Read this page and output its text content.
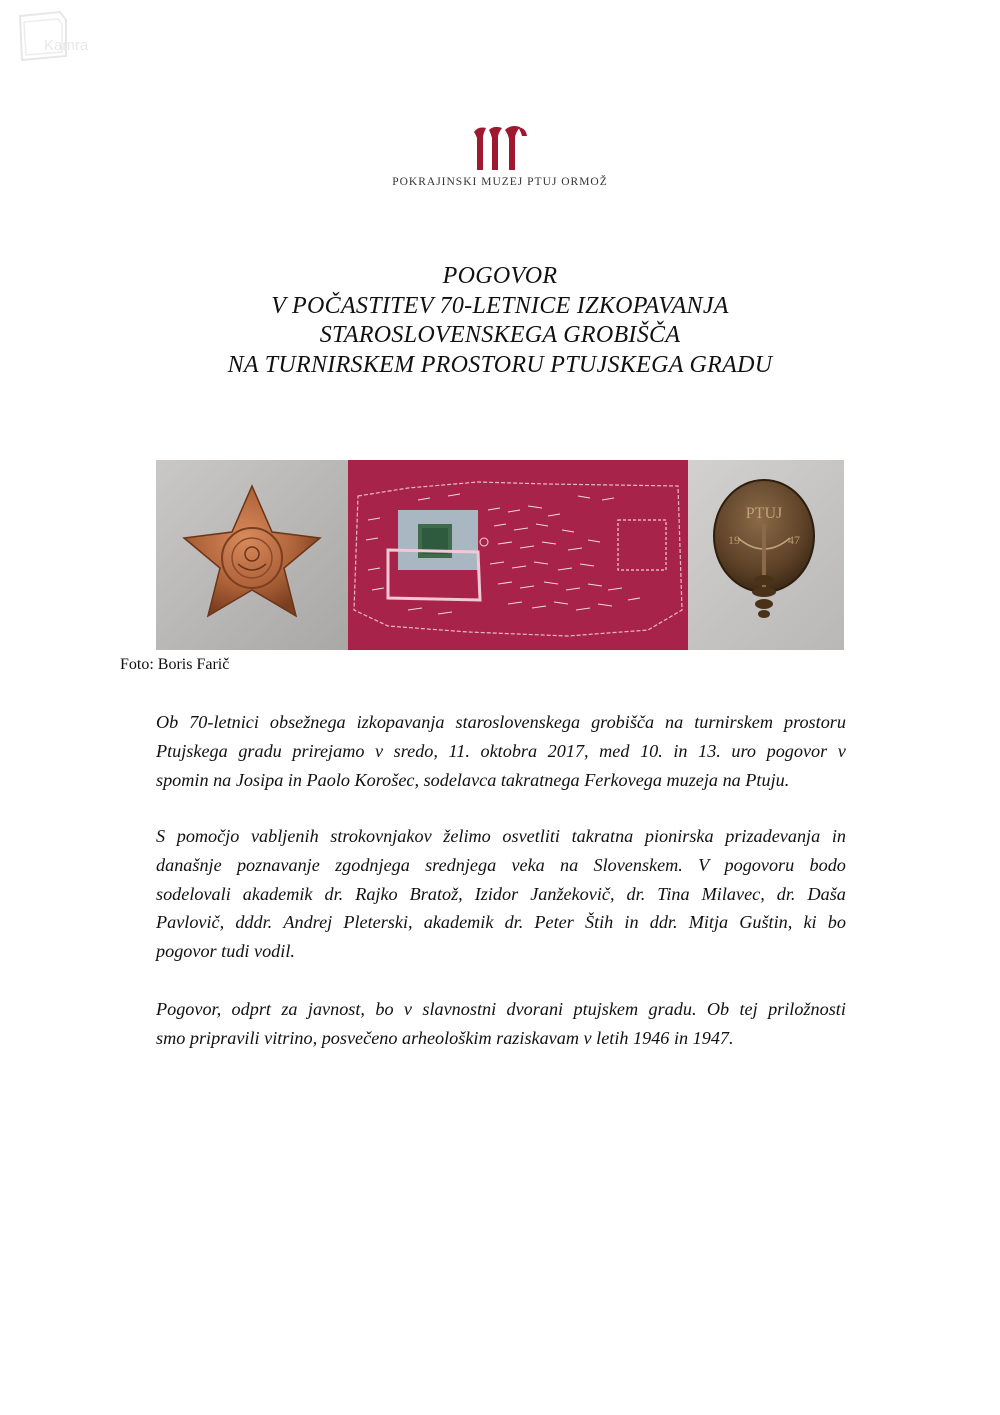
Kamra
POKRAJINSKI MUZEJ PTUJ ORMOŽ
POGOVOR
V POČASTITEV 70-LETNICE IZKOPAVANJA
STAROSLOVENSKEGA GROBIŠČA
NA TURNIRSKEM PROSTORU PTUJSKEGA GRADU
PTUJ
19	47
Foto: Boris Farič
Ob 70-letnici obsežnega izkopavanja staroslovenskega grobišča na turnirskem prostoru
Ptujskega gradu prirejamo v sredo, 11. oktobra 2017, med 10. in 13. uro pogovor v
spomin na Josipa in Paolo Korošec, sodelavca takratnega Ferkovega muzeja na Ptuju.
S pomočjo vabljenih strokovnjakov želimo osvetliti takratna pionirska prizadevanja in
današnje poznavanje zgodnjega srednjega veka na Slovenskem. V pogovoru bodo
sodelovali akademik dr. Rajko Bratož, Izidor Janžekovič, dr. Tina Milavec, dr. Daša
Pavlovič, dddr. Andrej Pleterski, akademik dr. Peter Štih in ddr. Mitja Guštin, ki bo
pogovor tudi vodil.
Pogovor, odprt za javnost, bo v slavnostni dvorani ptujskem gradu. Ob tej priložnosti
smo pripravili vitrino, posvečeno arheološkim raziskavam v letih 1946 in 1947.
